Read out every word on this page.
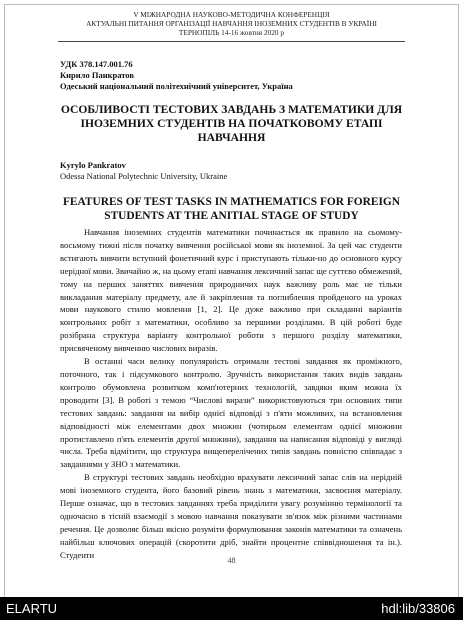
V МІЖНАРОДНА НАУКОВО-МЕТОДИЧНА КОНФЕРЕНЦІЯ
АКТУАЛЬНІ ПИТАННЯ ОРГАНІЗАЦІЇ НАВЧАННЯ ІНОЗЕМНИХ СТУДЕНТІВ В УКРАЇНІ
ТЕРНОПІЛЬ 14-16 жовтня 2020 р
УДК 378.147.001.76
Кирило Панкратов
Одеський національний політехнічний університет, Україна
ОСОБЛИВОСТІ ТЕСТОВИХ ЗАВДАНЬ З МАТЕМАТИКИ ДЛЯ
ІНОЗЕМНИХ СТУДЕНТІВ НА ПОЧАТКОВОМУ ЕТАПІ
НАВЧАННЯ
Kyrylo Pankratov
Odessa National Polytechnic University, Ukraine
FEATURES OF TEST TASKS IN MATHEMATICS FOR FOREIGN
STUDENTS AT THE ANITIAL STAGE OF STUDY

Навчання іноземних студентів математики починається як правило на сьомому-восьмому тижні після початку вивчення російської мови як іноземної. За цей час студенти встигають вивчити вступний фонетичний курс і приступають тільки-но до основного курсу нерідної мови. Звичайно ж, на цьому етапі навчання лексичний запас ще суттєво обмежений, тому на перших заняттях вивчення природничих наук важливу роль має не тільки викладання матеріалу предмету, але й закріплення та поглиблення пройденого на уроках мови наукового стилю мовлення [1, 2]. Це дуже важливо при складанні варіантів контрольних робіт з математики, особливо за першими розділами. В цій роботі буде розібрана структура варіанту контрольної роботи з першого розділу математики, присвяченому вивченню числових виразів.

В останні часи велику популярність отримали тестові завдання як проміжного, поточного, так і підсумкового контролю. Зручність використання таких видів завдань контролю обумовлена розвитком комп'ютерних технологій, завдяки яким можна їх проводити [3]. В роботі з темою “Числові вирази” використовуються три основних типи тестових завдань: завдання на вибір однієї відповіді з п'яти можливих, на встановлення відповідності між елементами двох множин (чотирьом елементам однієї множини протиставлено п'ять елементів другої множини), завдання на написання відповіді у вигляді числа. Треба відмітити, що структура вищеперелічених типів завдань повністю співпадає з завданнями у ЗНО з математики.

В структурі тестових завдань необхідно врахувати лексичний запас слів на нерідній мові іноземного студента, його базовий рівень знань з математики, засвоєння матеріалу. Перше означає, що в тестових завданнях треба приділити увагу розумінню термінології та одночасно в тісній взаємодії з мовою навчання показувати зв'язок між різними частинами речення. Це дозволяє більш якісно розуміти формулювання законів математики та означень найбільш ключових операцій (скоротити дріб, знайти процентне співвідношення та ін.). Студенти

48
ELARTU	hdl:lib/33806
